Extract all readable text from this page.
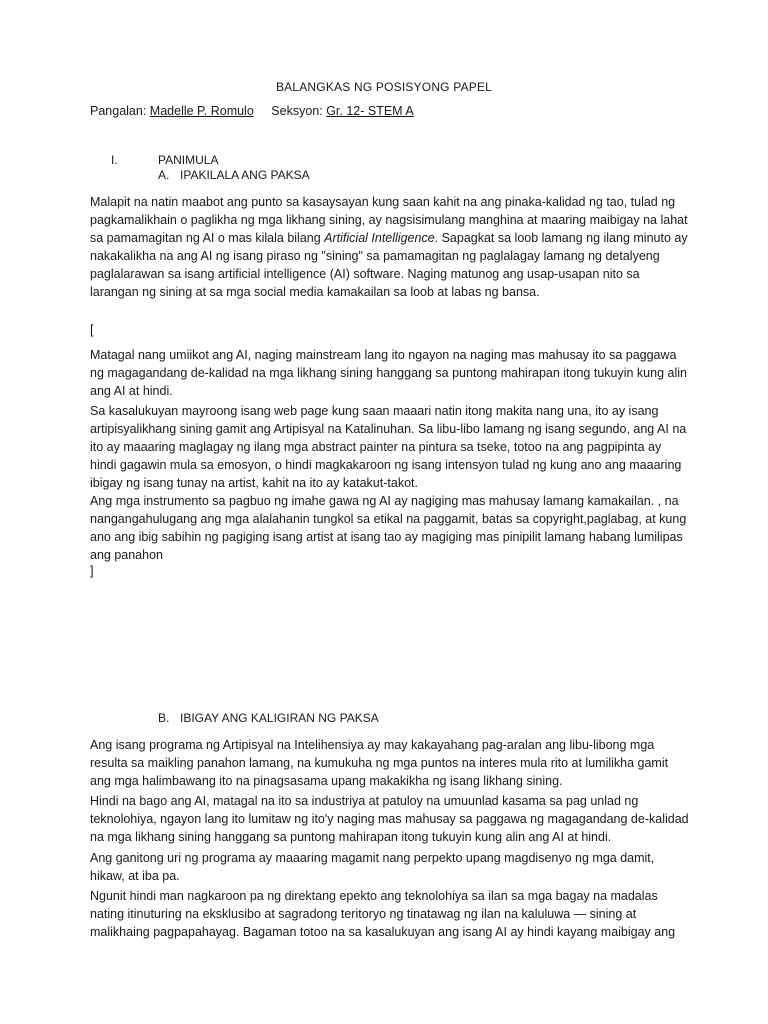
BALANGKAS NG POSISYONG PAPEL
Pangalan: Madelle P. Romulo Seksyon: Gr. 12- STEM A
I.	PANIMULA
A. IPAKILALA ANG PAKSA

Malapit na natin maabot ang punto sa kasaysayan kung saan kahit na ang pinaka-kalidad ng tao, tulad ng pagkamalikhain o paglikha ng mga likhang sining, ay nagsisimulang manghina at maaring maibigay na lahat sa pamamagitan ng AI o mas kilala bilang Artificial Intelligence. Sapagkat sa loob lamang ng ilang minuto ay nakakalikha na ang AI ng isang piraso ng "sining" sa pamamagitan ng paglalagay lamang ng detalyeng paglalarawan sa isang artificial intelligence (AI) software. Naging matunog ang usap-usapan nito sa larangan ng sining at sa mga social media kamakailan sa loob at labas ng bansa.

[

Matagal nang umiikot ang AI, naging mainstream lang ito ngayon na naging mas mahusay ito sa paggawa ng magagandang de-kalidad na mga likhang sining hanggang sa puntong mahirapan itong tukuyin kung alin ang AI at hindi.

Sa kasalukuyan mayroong isang web page kung saan maaari natin itong makita nang una, ito ay isang artipisyalikhang sining gamit ang Artipisyal na Katalinuhan. Sa libu-libo lamang ng isang segundo, ang AI na ito ay maaaring maglagay ng ilang mga abstract painter na pintura sa tseke, totoo na ang pagpipinta ay hindi gagawin mula sa emosyon, o hindi magkakaroon ng isang intensyon tulad ng kung ano ang maaaring ibigay ng isang tunay na artist, kahit na ito ay katakut-takot.

Ang mga instrumento sa pagbuo ng imahe gawa ng AI ay nagiging mas mahusay lamang kamakailan. , na nangangahulugang ang mga alalahanin tungkol sa etikal na paggamit, batas sa copyright,paglabag, at kung ano ang ibig sabihin ng pagiging isang artist at isang tao ay magiging mas pinipilit lamang habang lumilipas ang panahon

]
B. IBIGAY ANG KALIGIRAN NG PAKSA

Ang isang programa ng Artipisyal na Intelihensiya ay may kakayahang pag-aralan ang libu-libong mga resulta sa maikling panahon lamang, na kumukuha ng mga puntos na interes mula rito at lumilikha gamit ang mga halimbawang ito na pinagsasama upang makakikha ng isang likhang sining.

Hindi na bago ang AI, matagal na ito sa industriya at patuloy na umuunlad kasama sa pag unlad ng teknolohiya, ngayon lang ito lumitaw ng ito'y naging mas mahusay sa paggawa ng magagandang de-kalidad na mga likhang sining hanggang sa puntong mahirapan itong tukuyin kung alin ang AI at hindi.

Ang ganitong uri ng programa ay maaaring magamit nang perpekto upang magdisenyo ng mga damit, hikaw, at iba pa.

Ngunit hindi man nagkaroon pa ng direktang epekto ang teknolohiya sa ilan sa mga bagay na madalas nating itinuturing na eksklusibo at sagradong teritoryo ng tinatawag ng ilan na kaluluwa — sining at malikhaing pagpapahayag. Bagaman totoo na sa kasalukuyan ang isang AI ay hindi kayang maibigay ang
